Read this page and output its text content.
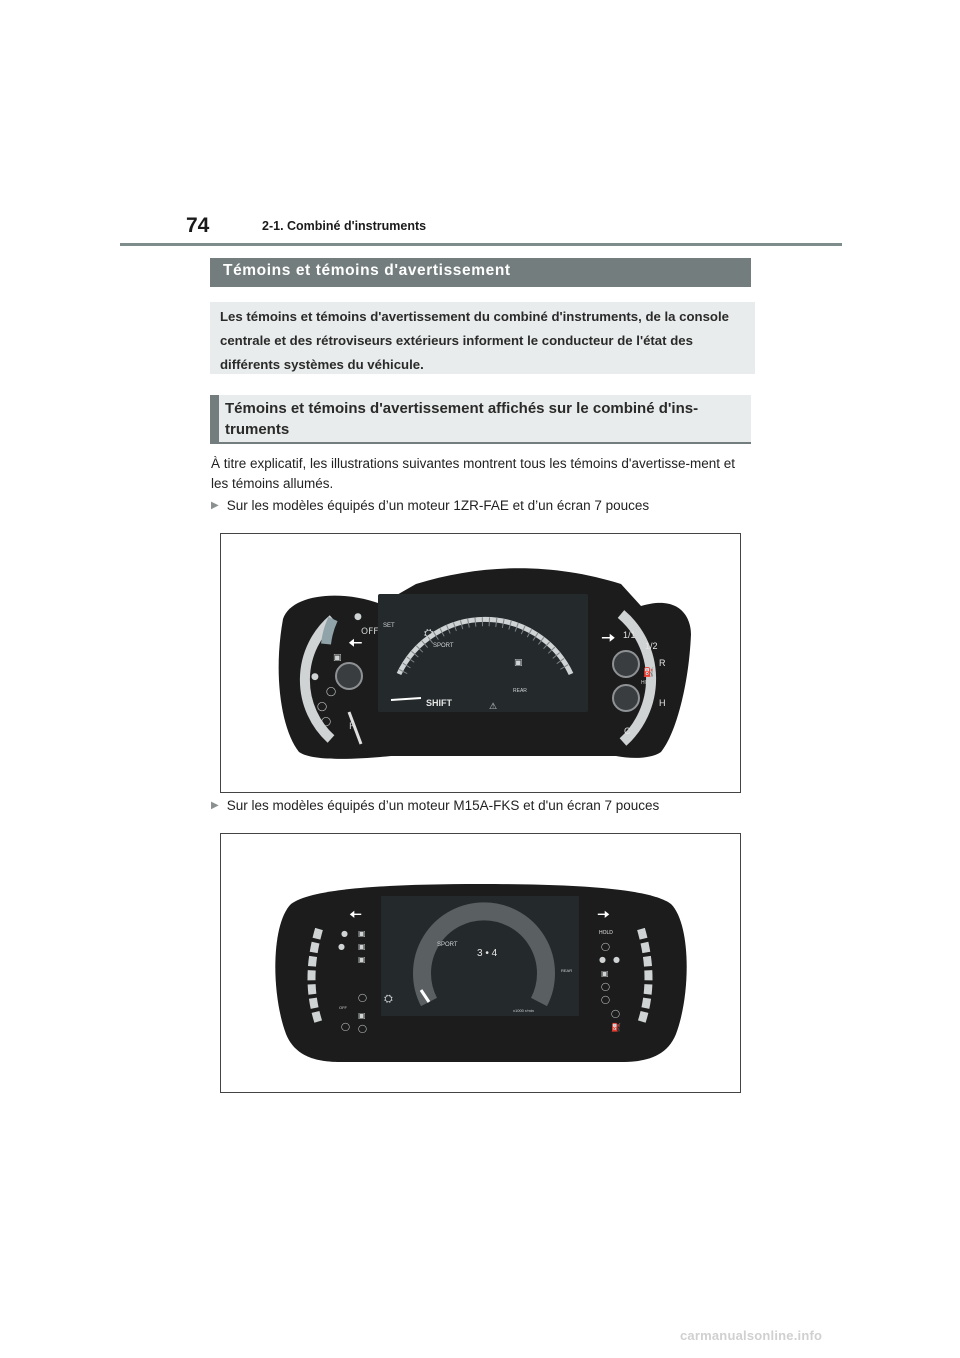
74	2-1. Combiné d'instruments
Témoins et témoins d'avertissement
Les témoins et témoins d'avertissement du combiné d'instruments, de la console centrale et des rétroviseurs extérieurs informent le conducteur de l'état des différents systèmes du véhicule.
Témoins et témoins d'avertissement affichés sur le combiné d'ins-truments
À titre explicatif, les illustrations suivantes montrent tous les témoins d'avertisse-ment et les témoins allumés.
▶ Sur les modèles équipés d’un moteur 1ZR-FAE et d’un écran 7 pouces
🠄
●
OFF
▣
●
◯
◯
◯ P
SPORT
SHIFT
SET
REAR
⛭
▣
⚠
🠆 1/1
1/2
R
H
C
HOLD
⛽
▶ Sur les modèles équipés d’un moteur M15A-FKS et d'un écran 7 pouces
SPORT
3 • 4
x1000 r/min
⛭
🠄
OFF
● ▣
● ▣
▣
◯
▣
◯ ◯
🠆
HOLD
REAR
◯
● ●
▣
◯
◯
◯
⛽
carmanualsonline.info
